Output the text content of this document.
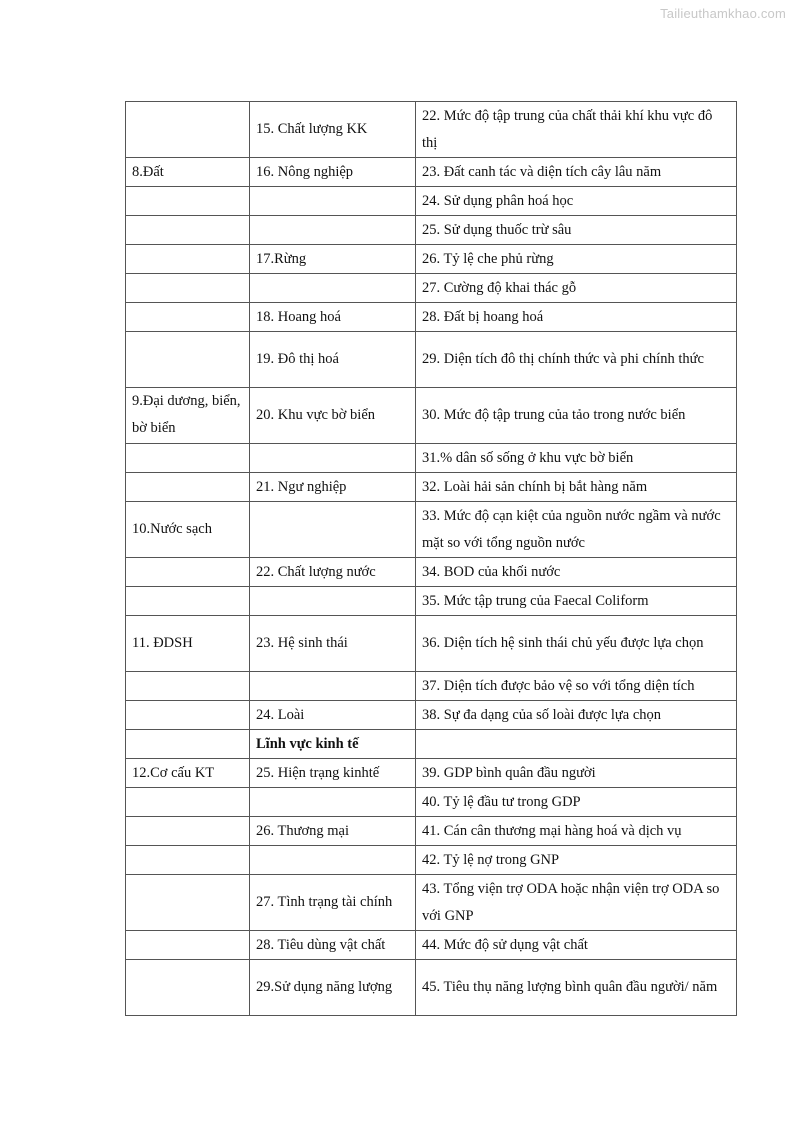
Tailieuthamkhao.com
	15. Chất lượng KK	22. Mức độ tập trung của chất thải khí khu vực đô thị
8.Đất	16. Nông nghiệp	23. Đất canh tác và diện tích cây lâu năm
		24. Sử dụng phân hoá học
		25. Sử dụng thuốc trừ sâu
	17.Rừng	26. Tỷ lệ che phủ rừng
		27. Cường độ khai thác gỗ
	18. Hoang hoá	28. Đất bị hoang hoá
	19. Đô thị hoá	29. Diện tích đô thị chính thức và phi chính thức
9.Đại dương, biển, bờ biển	20. Khu vực bờ biển	30. Mức độ tập trung của tảo trong nước biển
		31.% dân số sống ở khu vực bờ biển
	21. Ngư nghiệp	32. Loài hải sản chính bị bắt hàng năm
10.Nước sạch		33. Mức độ cạn kiệt của nguồn nước ngầm và nước mặt so với tổng nguồn nước
	22. Chất lượng nước	34. BOD của khối nước
		35. Mức tập trung của Faecal Coliform
11. ĐDSH	23. Hệ sinh thái	36. Diện tích hệ sinh thái chủ yếu được lựa chọn
		37. Diện tích được bảo vệ so với tổng diện tích
	24. Loài	38. Sự đa dạng của số loài được lựa chọn
	Lĩnh vực kinh tế	
12.Cơ cấu KT	25. Hiện trạng kinhtế	39. GDP bình quân đầu người
		40. Tỷ lệ đầu tư trong GDP
	26. Thương mại	41. Cán cân thương mại hàng hoá và dịch vụ
		42. Tỷ lệ nợ trong GNP
	27. Tình trạng tài chính	43. Tổng viện trợ ODA hoặc nhận viện trợ ODA so với GNP
	28. Tiêu dùng vật chất	44. Mức độ sử dụng vật chất
	29.Sử dụng năng lượng	45. Tiêu thụ năng lượng bình quân đầu người/ năm
